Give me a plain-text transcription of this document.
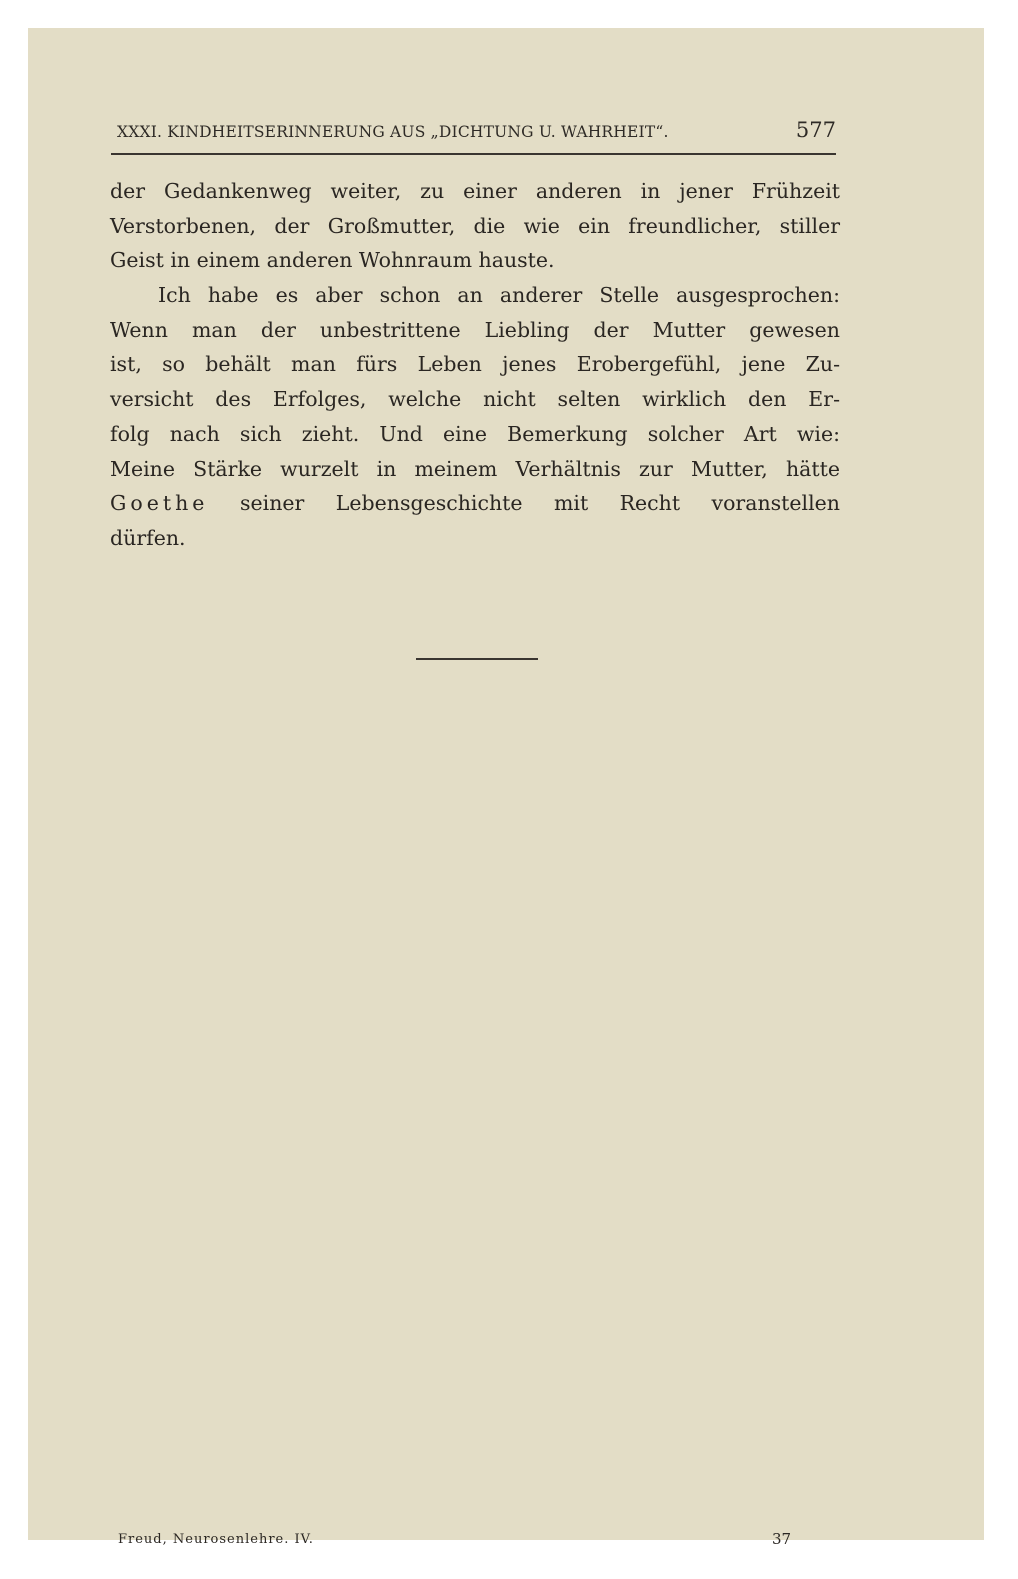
XXXI. KINDHEITSERINNERUNG AUS „DICHTUNG U. WAHRHEIT“.	577
der Gedankenweg weiter, zu einer anderen in jener Frühzeit
Verstorbenen, der Großmutter, die wie ein freundlicher, stiller
Geist in einem anderen Wohnraum hauste.
Ich habe es aber schon an anderer Stelle ausgesprochen:
Wenn man der unbestrittene Liebling der Mutter gewesen
ist, so behält man fürs Leben jenes Erobergefühl, jene Zu-
versicht des Erfolges, welche nicht selten wirklich den Er-
folg nach sich zieht. Und eine Bemerkung solcher Art wie:
Meine Stärke wurzelt in meinem Verhältnis zur Mutter, hätte
Goethe seiner Lebensgeschichte mit Recht voranstellen
dürfen.
Freud, Neurosenlehre. IV.	37
